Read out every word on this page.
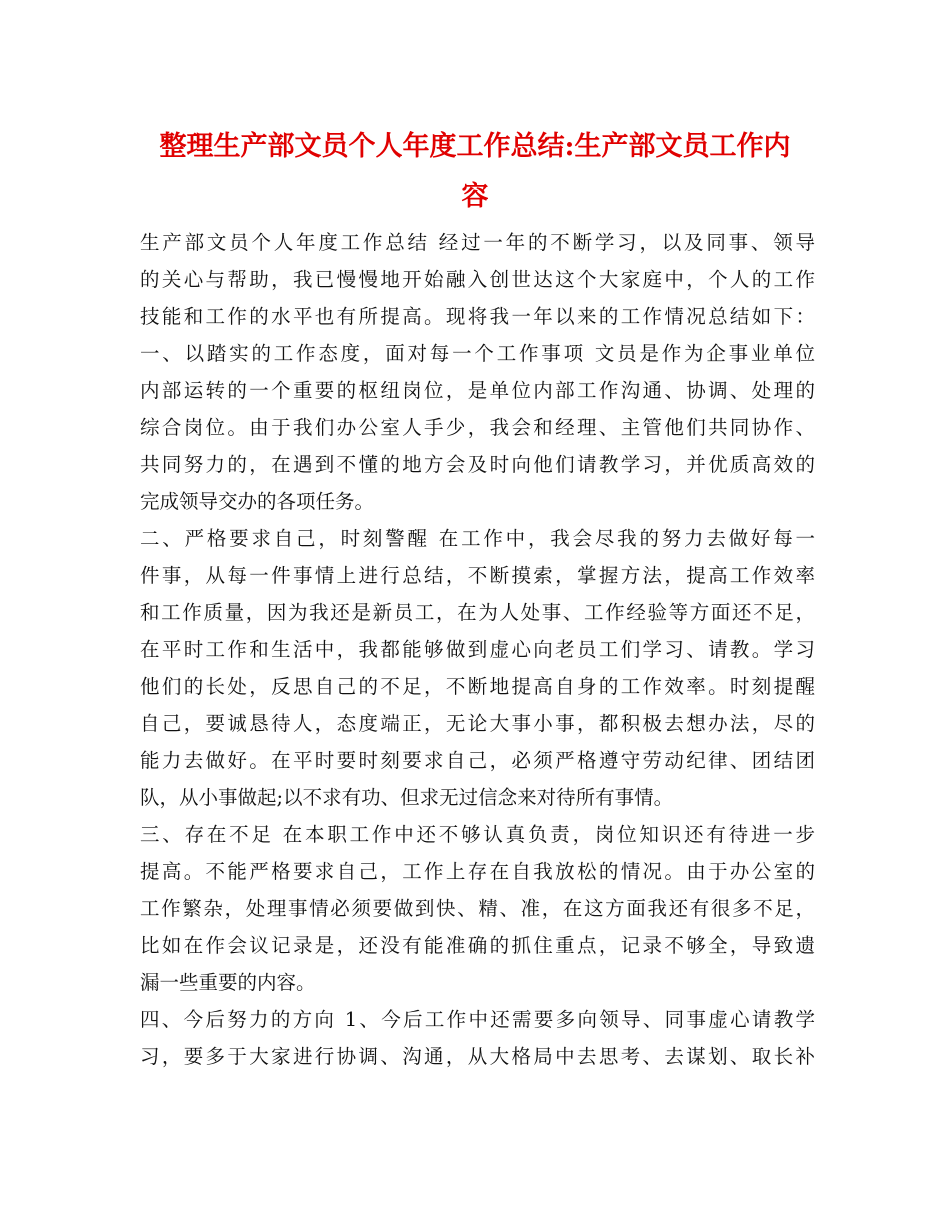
整理生产部文员个人年度工作总结:生产部文员工作内
容
生产部文员个人年度工作总结 经过一年的不断学习，以及同事、领导
的关心与帮助，我已慢慢地开始融入创世达这个大家庭中，个人的工作
技能和工作的水平也有所提高。现将我一年以来的工作情况总结如下：
一、以踏实的工作态度，面对每一个工作事项 文员是作为企事业单位
内部运转的一个重要的枢纽岗位，是单位内部工作沟通、协调、处理的
综合岗位。由于我们办公室人手少，我会和经理、主管他们共同协作、
共同努力的，在遇到不懂的地方会及时向他们请教学习，并优质高效的
完成领导交办的各项任务。
二、严格要求自己，时刻警醒 在工作中，我会尽我的努力去做好每一
件事，从每一件事情上进行总结，不断摸索，掌握方法，提高工作效率
和工作质量，因为我还是新员工，在为人处事、工作经验等方面还不足，
在平时工作和生活中，我都能够做到虚心向老员工们学习、请教。学习
他们的长处，反思自己的不足，不断地提高自身的工作效率。时刻提醒
自己，要诚恳待人，态度端正，无论大事小事，都积极去想办法，尽的
能力去做好。在平时要时刻要求自己，必须严格遵守劳动纪律、团结团
队，从小事做起;以不求有功、但求无过信念来对待所有事情。
三、存在不足 在本职工作中还不够认真负责，岗位知识还有待进一步
提高。不能严格要求自己，工作上存在自我放松的情况。由于办公室的
工作繁杂，处理事情必须要做到快、精、准，在这方面我还有很多不足，
比如在作会议记录是，还没有能准确的抓住重点，记录不够全，导致遗
漏一些重要的内容。
四、今后努力的方向 1、今后工作中还需要多向领导、同事虚心请教学
习，要多于大家进行协调、沟通，从大格局中去思考、去谋划、取长补
